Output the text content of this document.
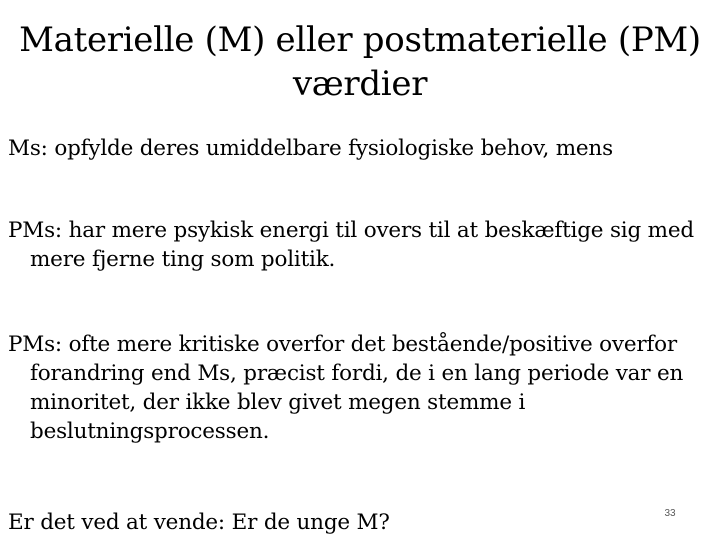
Materielle (M) eller postmaterielle (PM)
værdier

Ms: opfylde deres umiddelbare fysiologiske behov, mens

PMs: har mere psykisk energi til overs til at beskæftige sig med mere fjerne ting som politik.

PMs: ofte mere kritiske overfor det bestående/positive overfor forandring end Ms, præcist fordi, de i en lang periode var en minoritet, der ikke blev givet megen stemme i beslutningsprocessen.

Er det ved at vende: Er de unge M?	33
